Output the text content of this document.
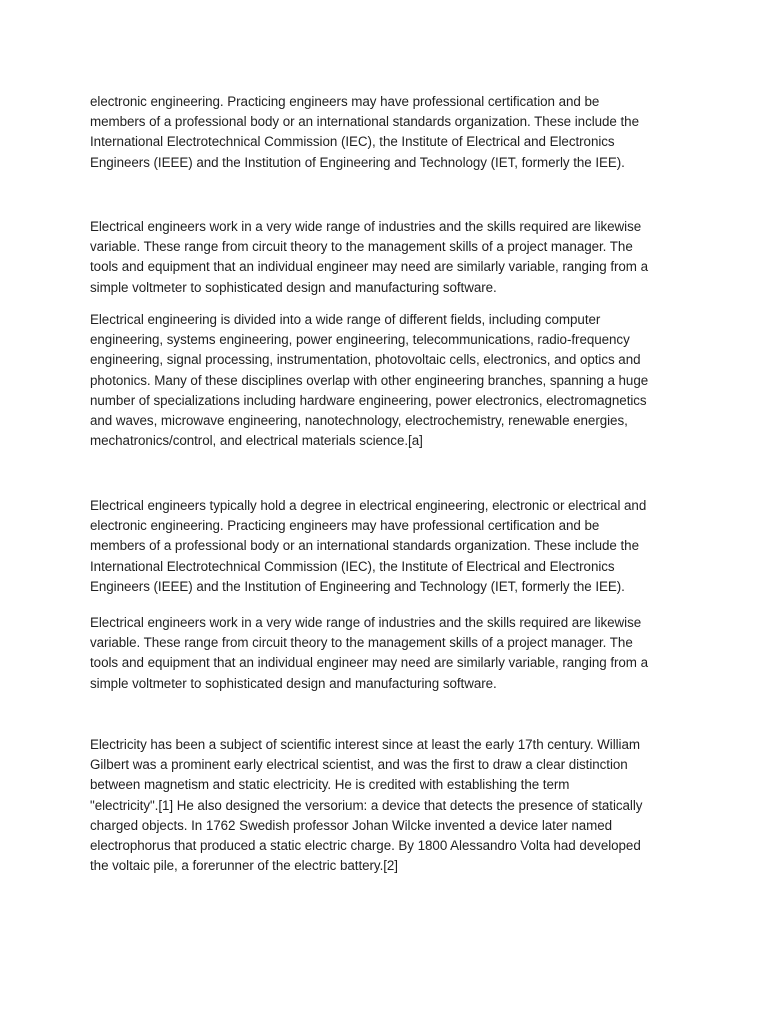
electronic engineering. Practicing engineers may have professional certification and be
members of a professional body or an international standards organization. These include the
International Electrotechnical Commission (IEC), the Institute of Electrical and Electronics
Engineers (IEEE) and the Institution of Engineering and Technology (IET, formerly the IEE).

Electrical engineers work in a very wide range of industries and the skills required are likewise
variable. These range from circuit theory to the management skills of a project manager. The
tools and equipment that an individual engineer may need are similarly variable, ranging from a
simple voltmeter to sophisticated design and manufacturing software.

Electrical engineering is divided into a wide range of different fields, including computer
engineering, systems engineering, power engineering, telecommunications, radio-frequency
engineering, signal processing, instrumentation, photovoltaic cells, electronics, and optics and
photonics. Many of these disciplines overlap with other engineering branches, spanning a huge
number of specializations including hardware engineering, power electronics, electromagnetics
and waves, microwave engineering, nanotechnology, electrochemistry, renewable energies,
mechatronics/control, and electrical materials science.[a]

Electrical engineers typically hold a degree in electrical engineering, electronic or electrical and
electronic engineering. Practicing engineers may have professional certification and be
members of a professional body or an international standards organization. These include the
International Electrotechnical Commission (IEC), the Institute of Electrical and Electronics
Engineers (IEEE) and the Institution of Engineering and Technology (IET, formerly the IEE).

Electrical engineers work in a very wide range of industries and the skills required are likewise
variable. These range from circuit theory to the management skills of a project manager. The
tools and equipment that an individual engineer may need are similarly variable, ranging from a
simple voltmeter to sophisticated design and manufacturing software.

Electricity has been a subject of scientific interest since at least the early 17th century. William
Gilbert was a prominent early electrical scientist, and was the first to draw a clear distinction
between magnetism and static electricity. He is credited with establishing the term
"electricity".[1] He also designed the versorium: a device that detects the presence of statically
charged objects. In 1762 Swedish professor Johan Wilcke invented a device later named
electrophorus that produced a static electric charge. By 1800 Alessandro Volta had developed
the voltaic pile, a forerunner of the electric battery.[2]
